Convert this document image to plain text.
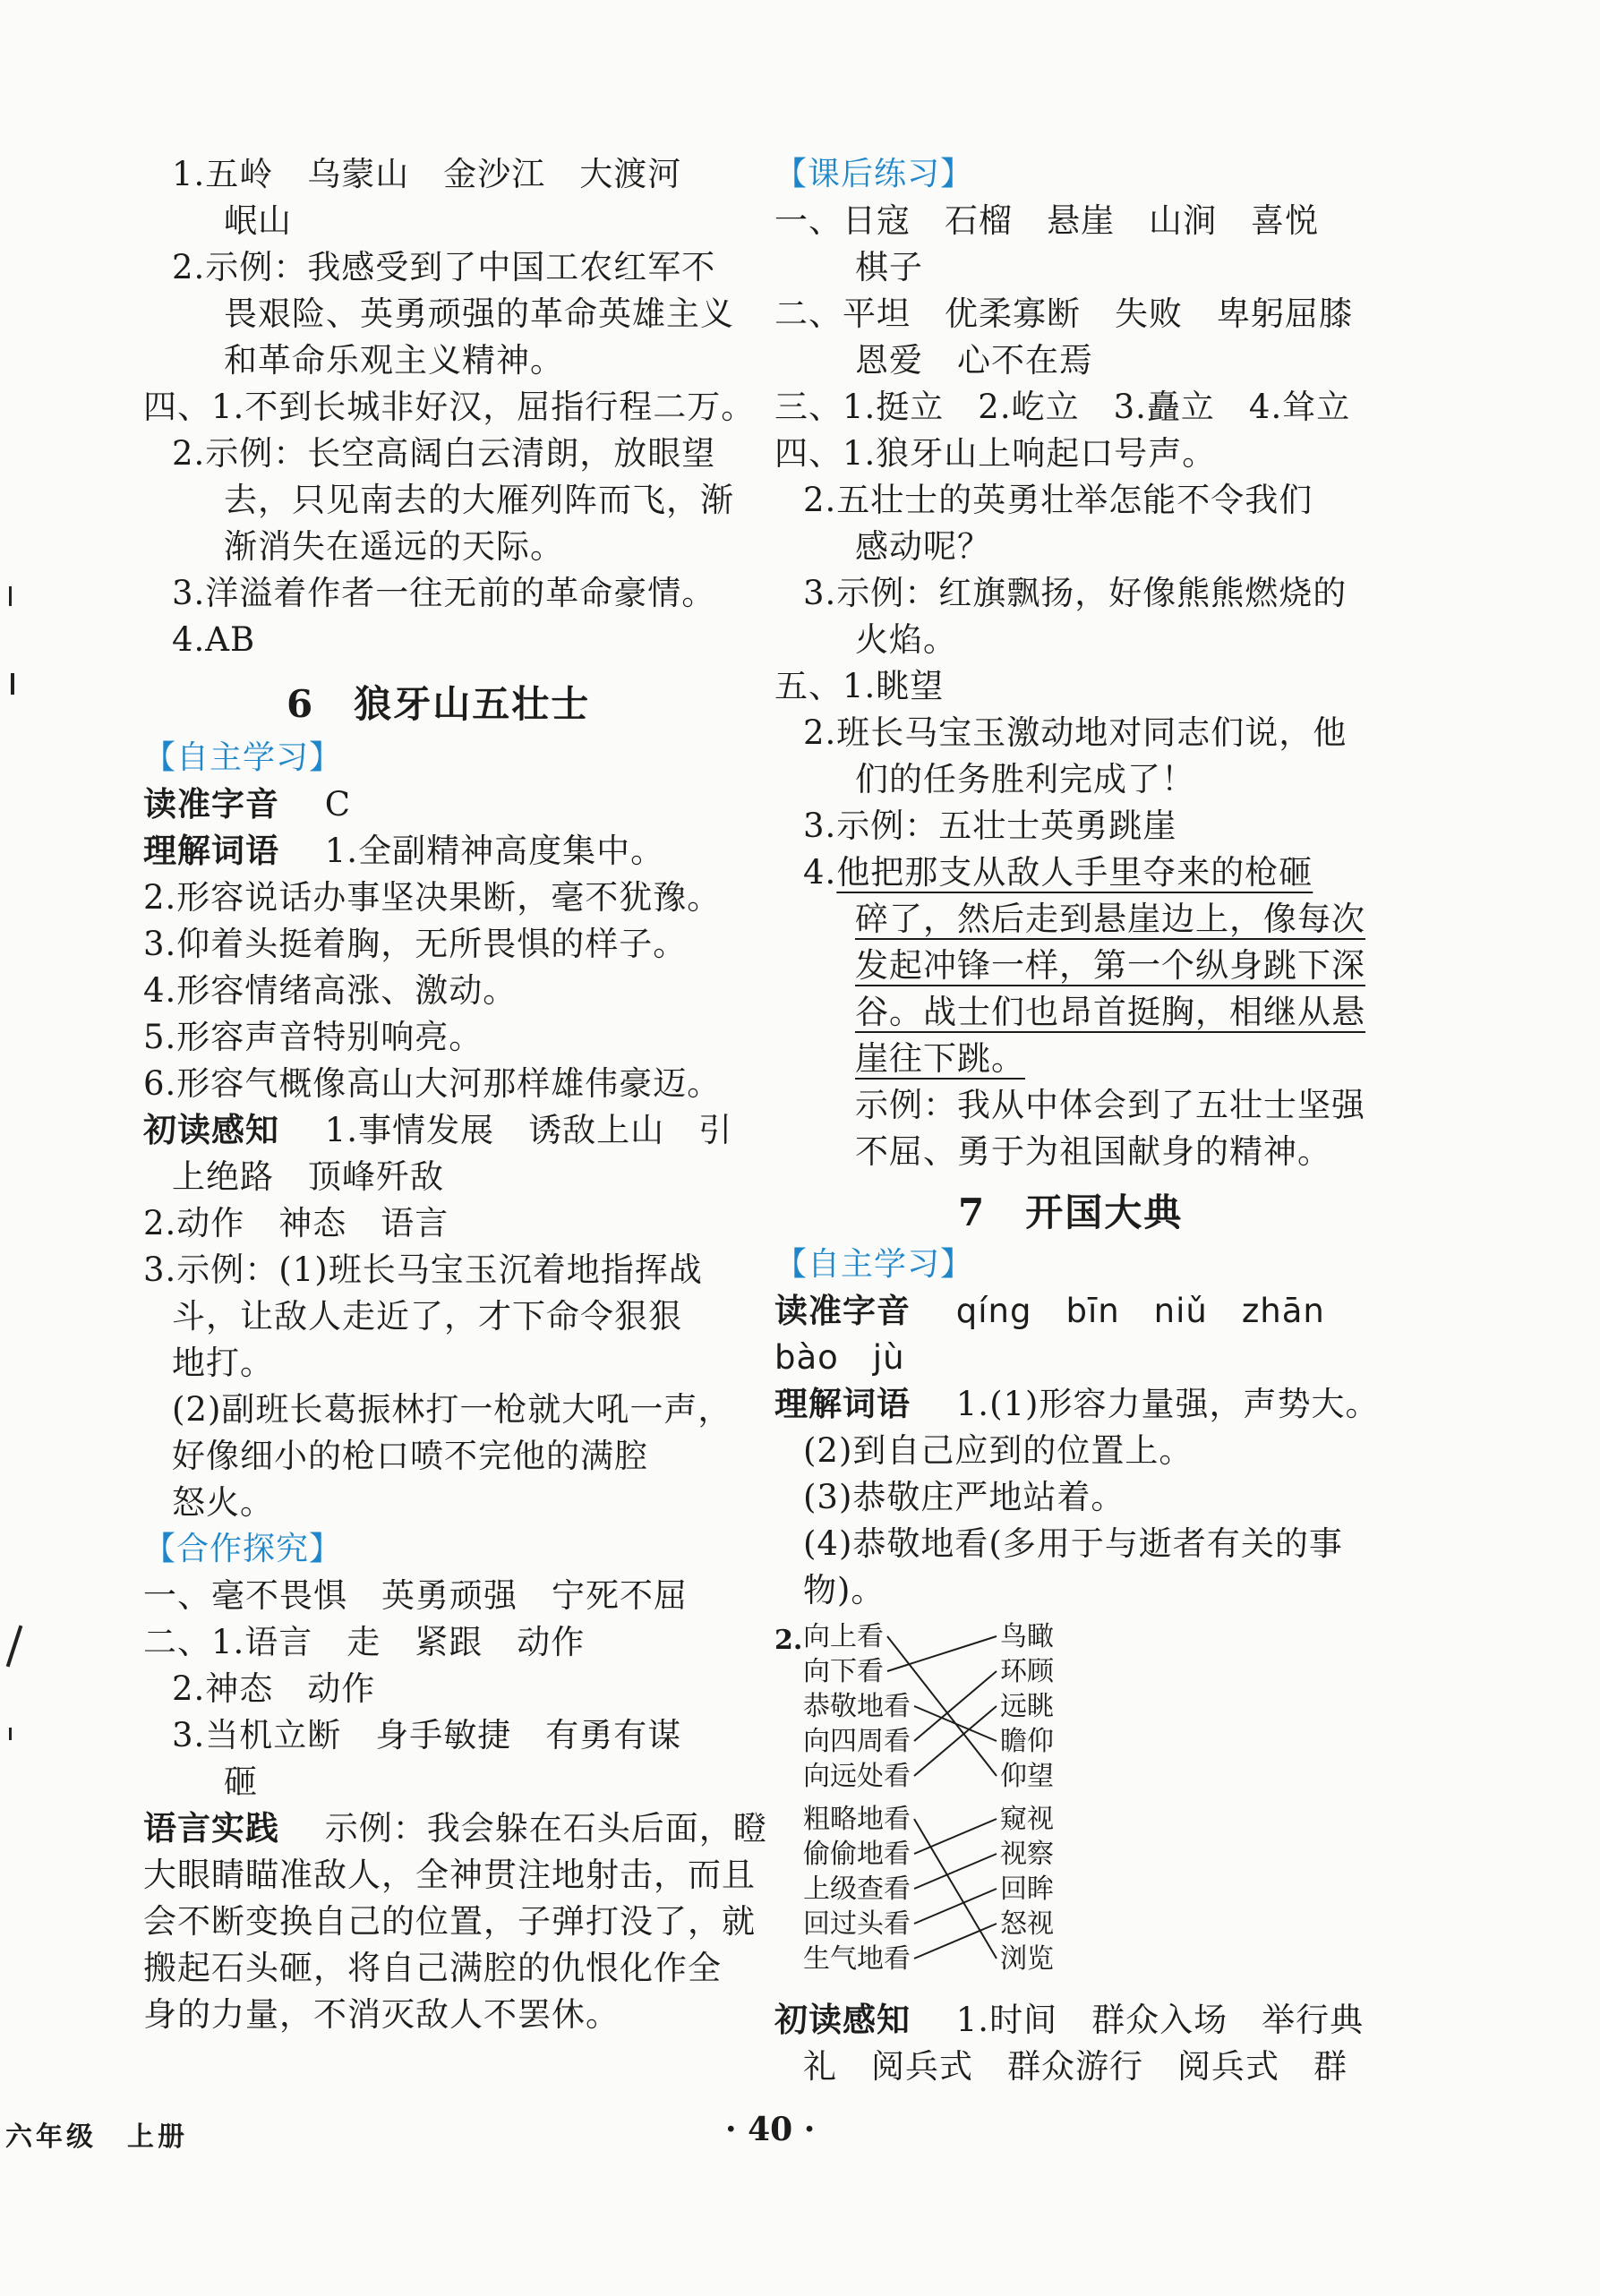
1.五岭　乌蒙山　金沙江　大渡河
岷山
2.示例：我感受到了中国工农红军不
畏艰险、英勇顽强的革命英雄主义
和革命乐观主义精神。
四、1.不到长城非好汉，屈指行程二万。
2.示例：长空高阔白云清朗，放眼望
去，只见南去的大雁列阵而飞，渐
渐消失在遥远的天际。
3.洋溢着作者一往无前的革命豪情。
4.AB
6　狼牙山五壮士
【自主学习】
读准字音　 C
理解词语　 1.全副精神高度集中。
2.形容说话办事坚决果断，毫不犹豫。
3.仰着头挺着胸，无所畏惧的样子。
4.形容情绪高涨、激动。
5.形容声音特别响亮。
6.形容气概像高山大河那样雄伟豪迈。
初读感知　 1.事情发展　诱敌上山　引
上绝路　顶峰歼敌
2.动作　神态　语言
3.示例：(1)班长马宝玉沉着地指挥战
斗，让敌人走近了，才下命令狠狠
地打。
(2)副班长葛振林打一枪就大吼一声，
好像细小的枪口喷不完他的满腔
怒火。
【合作探究】
一、毫不畏惧　英勇顽强　宁死不屈
二、1.语言　走　紧跟　动作
2.神态　动作
3.当机立断　身手敏捷　有勇有谋
砸
语言实践　 示例：我会躲在石头后面，瞪
大眼睛瞄准敌人，全神贯注地射击，而且
会不断变换自己的位置，子弹打没了，就
搬起石头砸，将自己满腔的仇恨化作全
身的力量，不消灭敌人不罢休。
【课后练习】
一、日寇　石榴　悬崖　山涧　喜悦
棋子
二、平坦　优柔寡断　失败　卑躬屈膝
恩爱　心不在焉
三、1.挺立　2.屹立　3.矗立　4.耸立
四、1.狼牙山上响起口号声。
2.五壮士的英勇壮举怎能不令我们
感动呢？
3.示例：红旗飘扬，好像熊熊燃烧的
火焰。
五、1.眺望
2.班长马宝玉激动地对同志们说，他
们的任务胜利完成了！
3.示例：五壮士英勇跳崖
4.他把那支从敌人手里夺来的枪砸
碎了，然后走到悬崖边上，像每次
发起冲锋一样，第一个纵身跳下深
谷。战士们也昂首挺胸，相继从悬
崖往下跳。
示例：我从中体会到了五壮士坚强
不屈、勇于为祖国献身的精神。
7　开国大典
【自主学习】
读准字音　 qíng　bīn　niǔ　zhān
bào　jù
理解词语　 1.(1)形容力量强，声势大。
(2)到自己应到的位置上。
(3)恭敬庄严地站着。
(4)恭敬地看(多用于与逝者有关的事
物)。
初读感知　 1.时间　群众入场　举行典
礼　阅兵式　群众游行　阅兵式　群
2. 向上看
向下看
恭敬地看
向四周看
向远处看
鸟瞰
环顾
远眺
瞻仰
仰望
粗略地看
偷偷地看
上级查看
回过头看
生气地看
窥视
视察
回眸
怒视
浏览
六年级　上册	· 40 ·
